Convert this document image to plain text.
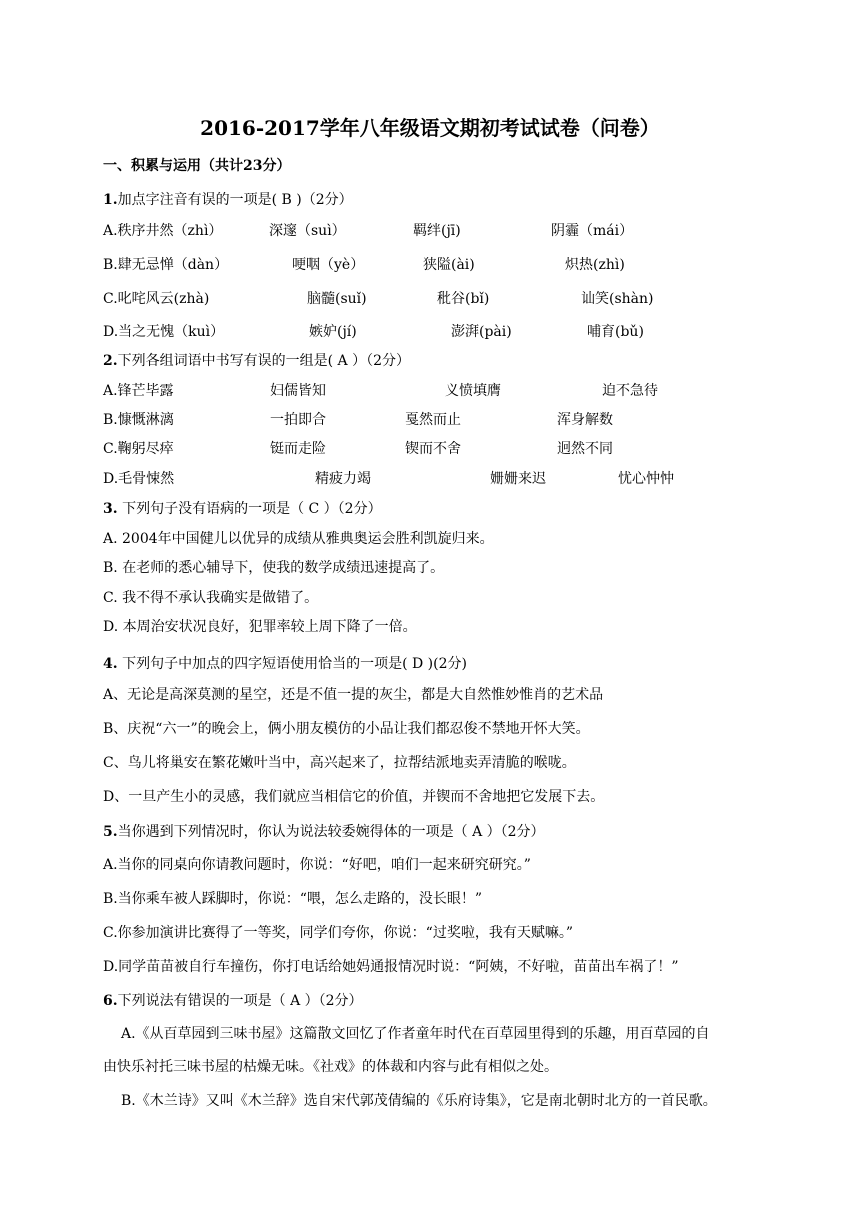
2016-2017学年八年级语文期初考试试卷（问卷）
一、积累与运用（共计23分）
1.加点字注音有误的一项是( B )（2分）
A.秩序井然（zhì）	深邃（suì）	羁绊(jī)	阴霾（mái）
B.肆无忌惮（dàn）	哽咽（yè）	狭隘(ài)	炽热(zhì)
C.叱咤风云(zhà)	脑髓(suǐ)	秕谷(bǐ)	讪笑(shàn)
D.当之无愧（kuì）	嫉妒(jí)	澎湃(pài)	哺育(bǔ)
2.下列各组词语中书写有误的一组是( A ）（2分）
A.锋芒毕露	妇儒皆知	义愤填膺	迫不急待
B.慷慨淋漓	一拍即合	戛然而止	浑身解数
C.鞠躬尽瘁	铤而走险	锲而不舍	迥然不同
D.毛骨悚然	精疲力竭	姗姗来迟	忧心忡忡
3. 下列句子没有语病的一项是（ C ）（2分）
A. 2004年中国健儿以优异的成绩从雅典奥运会胜利凯旋归来。
B. 在老师的悉心辅导下，使我的数学成绩迅速提高了。
C. 我不得不承认我确实是做错了。
D. 本周治安状况良好，犯罪率较上周下降了一倍。
4. 下列句子中加点的四字短语使用恰当的一项是( D )(2分)
A、无论是高深莫测的星空，还是不值一提的灰尘，都是大自然惟妙惟肖的艺术品
B、庆祝“六一”的晚会上，俩小朋友模仿的小品让我们都忍俊不禁地开怀大笑。
C、鸟儿将巢安在繁花嫩叶当中，高兴起来了，拉帮结派地卖弄清脆的喉咙。
D、一旦产生小的灵感，我们就应当相信它的价值，并锲而不舍地把它发展下去。
5.当你遇到下列情况时，你认为说法较委婉得体的一项是（ A ）（2分）
A.当你的同桌向你请教问题时，你说：“好吧，咱们一起来研究研究。”
B.当你乘车被人踩脚时，你说：“喂，怎么走路的，没长眼！”
C.你参加演讲比赛得了一等奖，同学们夸你，你说：“过奖啦，我有天赋嘛。”
D.同学苗苗被自行车撞伤，你打电话给她妈通报情况时说：“阿姨，不好啦，苗苗出车祸了！”
6.下列说法有错误的一项是（ A ）（2分）
A.《从百草园到三味书屋》这篇散文回忆了作者童年时代在百草园里得到的乐趣，用百草园的自
由快乐衬托三味书屋的枯燥无味。《社戏》的体裁和内容与此有相似之处。
B.《木兰诗》又叫《木兰辞》选自宋代郭茂倩编的《乐府诗集》，它是南北朝时北方的一首民歌。
